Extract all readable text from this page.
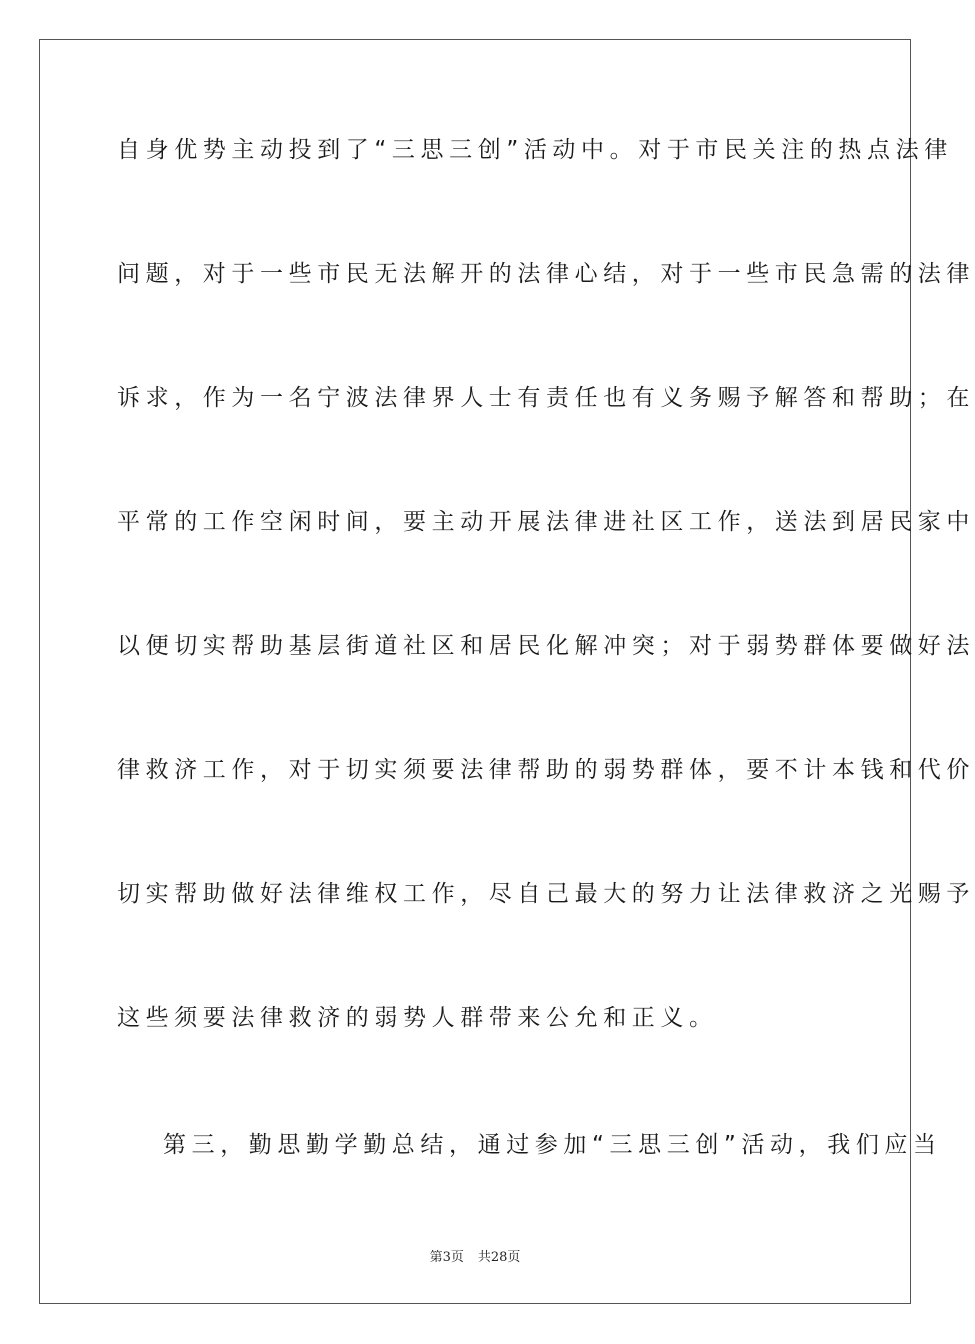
自身优势主动投到了“三思三创”活动中。对于市民关注的热点法律
问题，对于一些市民无法解开的法律心结，对于一些市民急需的法律
诉求，作为一名宁波法律界人士有责任也有义务赐予解答和帮助；在
平常的工作空闲时间，要主动开展法律进社区工作，送法到居民家中
以便切实帮助基层街道社区和居民化解冲突；对于弱势群体要做好法
律救济工作，对于切实须要法律帮助的弱势群体，要不计本钱和代价
切实帮助做好法律维权工作，尽自己最大的努力让法律救济之光赐予
这些须要法律救济的弱势人群带来公允和正义。
第三，勤思勤学勤总结，通过参加“三思三创”活动，我们应当
第3页 共28页
